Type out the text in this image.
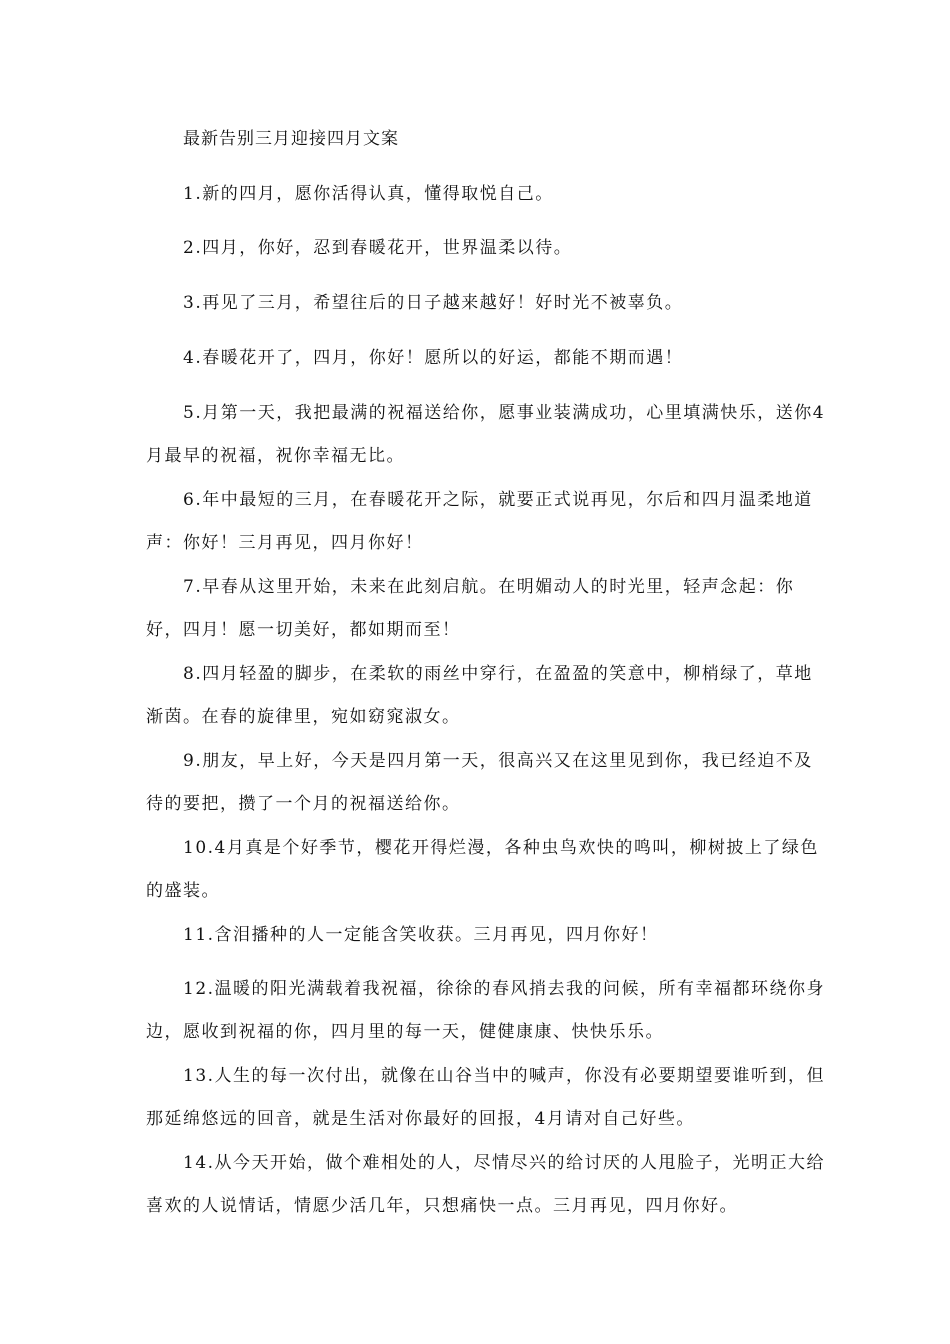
最新告别三月迎接四月文案
1.新的四月，愿你活得认真，懂得取悦自己。
2.四月，你好，忍到春暖花开，世界温柔以待。
3.再见了三月，希望往后的日子越来越好！好时光不被辜负。
4.春暖花开了，四月，你好！愿所以的好运，都能不期而遇！
5.月第一天，我把最满的祝福送给你，愿事业装满成功，心里填满快乐，送你4月最早的祝福，祝你幸福无比。
6.年中最短的三月，在春暖花开之际，就要正式说再见，尔后和四月温柔地道声：你好！三月再见，四月你好！
7.早春从这里开始，未来在此刻启航。在明媚动人的时光里，轻声念起：你好，四月！愿一切美好，都如期而至！
8.四月轻盈的脚步，在柔软的雨丝中穿行，在盈盈的笑意中，柳梢绿了，草地渐茵。在春的旋律里，宛如窈窕淑女。
9.朋友，早上好，今天是四月第一天，很高兴又在这里见到你，我已经迫不及待的要把，攒了一个月的祝福送给你。
10.4月真是个好季节，樱花开得烂漫，各种虫鸟欢快的鸣叫，柳树披上了绿色的盛装。
11.含泪播种的人一定能含笑收获。三月再见，四月你好！
12.温暖的阳光满载着我祝福，徐徐的春风捎去我的问候，所有幸福都环绕你身边，愿收到祝福的你，四月里的每一天，健健康康、快快乐乐。
13.人生的每一次付出，就像在山谷当中的喊声，你没有必要期望要谁听到，但那延绵悠远的回音，就是生活对你最好的回报，4月请对自己好些。
14.从今天开始，做个难相处的人，尽情尽兴的给讨厌的人甩脸子，光明正大给喜欢的人说情话，情愿少活几年，只想痛快一点。三月再见，四月你好。
